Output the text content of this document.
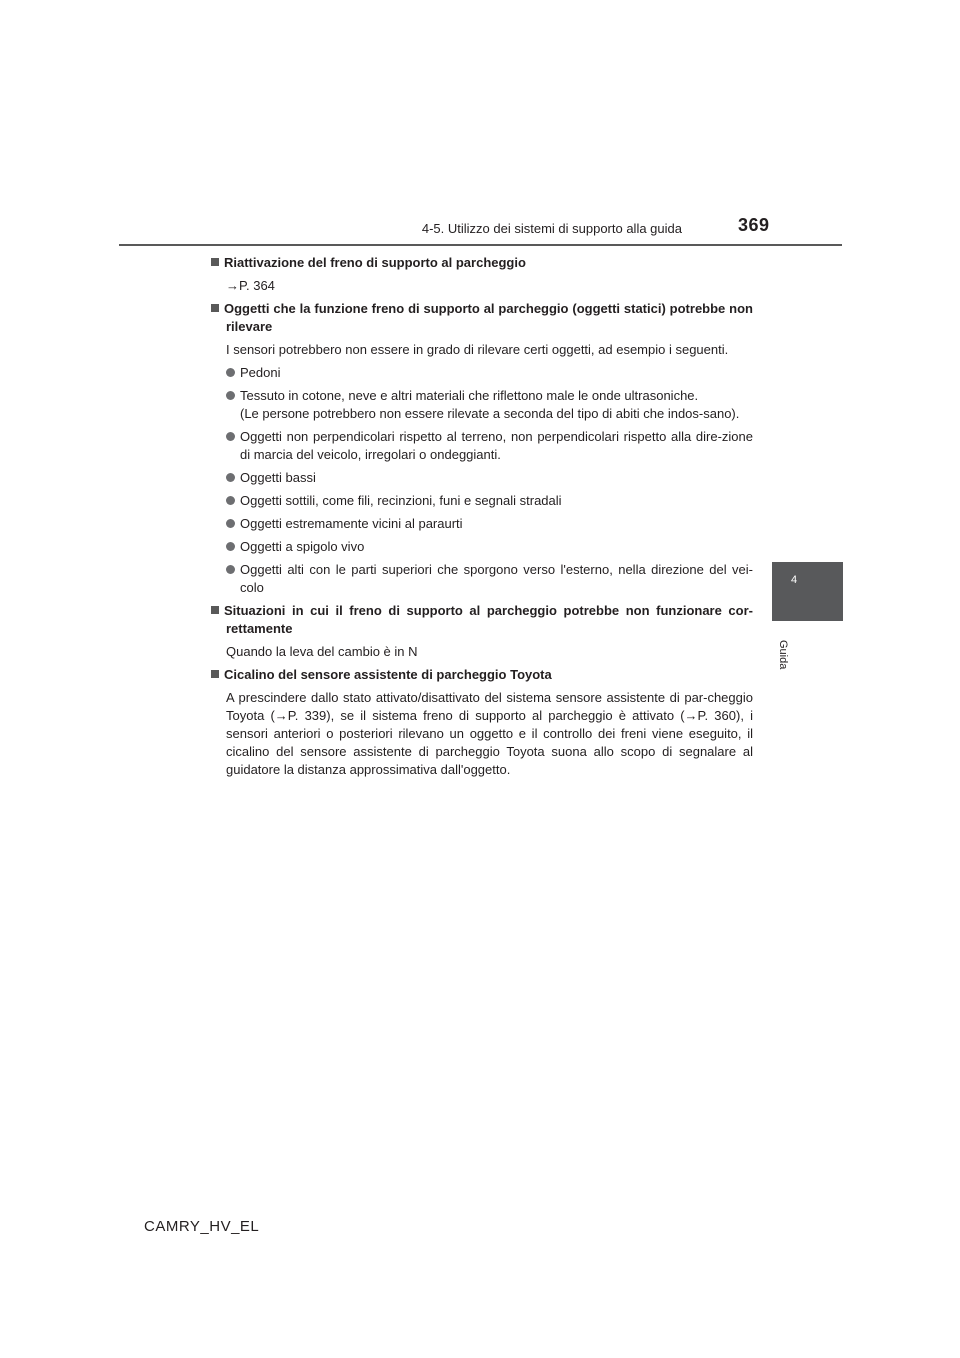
4-5. Utilizzo dei sistemi di supporto alla guida	369
4
Guida
Riattivazione del freno di supporto al parcheggio
→P. 364
Oggetti che la funzione freno di supporto al parcheggio (oggetti statici) potrebbe non rilevare
I sensori potrebbero non essere in grado di rilevare certi oggetti, ad esempio i seguenti.
Pedoni
Tessuto in cotone, neve e altri materiali che riflettono male le onde ultrasoniche.
(Le persone potrebbero non essere rilevate a seconda del tipo di abiti che indos-sano).
Oggetti non perpendicolari rispetto al terreno, non perpendicolari rispetto alla dire-zione di marcia del veicolo, irregolari o ondeggianti.
Oggetti bassi
Oggetti sottili, come fili, recinzioni, funi e segnali stradali
Oggetti estremamente vicini al paraurti
Oggetti a spigolo vivo
Oggetti alti con le parti superiori che sporgono verso l'esterno, nella direzione del vei-colo
Situazioni in cui il freno di supporto al parcheggio potrebbe non funzionare cor-rettamente
Quando la leva del cambio è in N
Cicalino del sensore assistente di parcheggio Toyota
A prescindere dallo stato attivato/disattivato del sistema sensore assistente di par-cheggio Toyota (→P. 339), se il sistema freno di supporto al parcheggio è attivato (→P. 360), i sensori anteriori o posteriori rilevano un oggetto e il controllo dei freni viene eseguito, il cicalino del sensore assistente di parcheggio Toyota suona allo scopo di segnalare al guidatore la distanza approssimativa dall'oggetto.
CAMRY_HV_EL
